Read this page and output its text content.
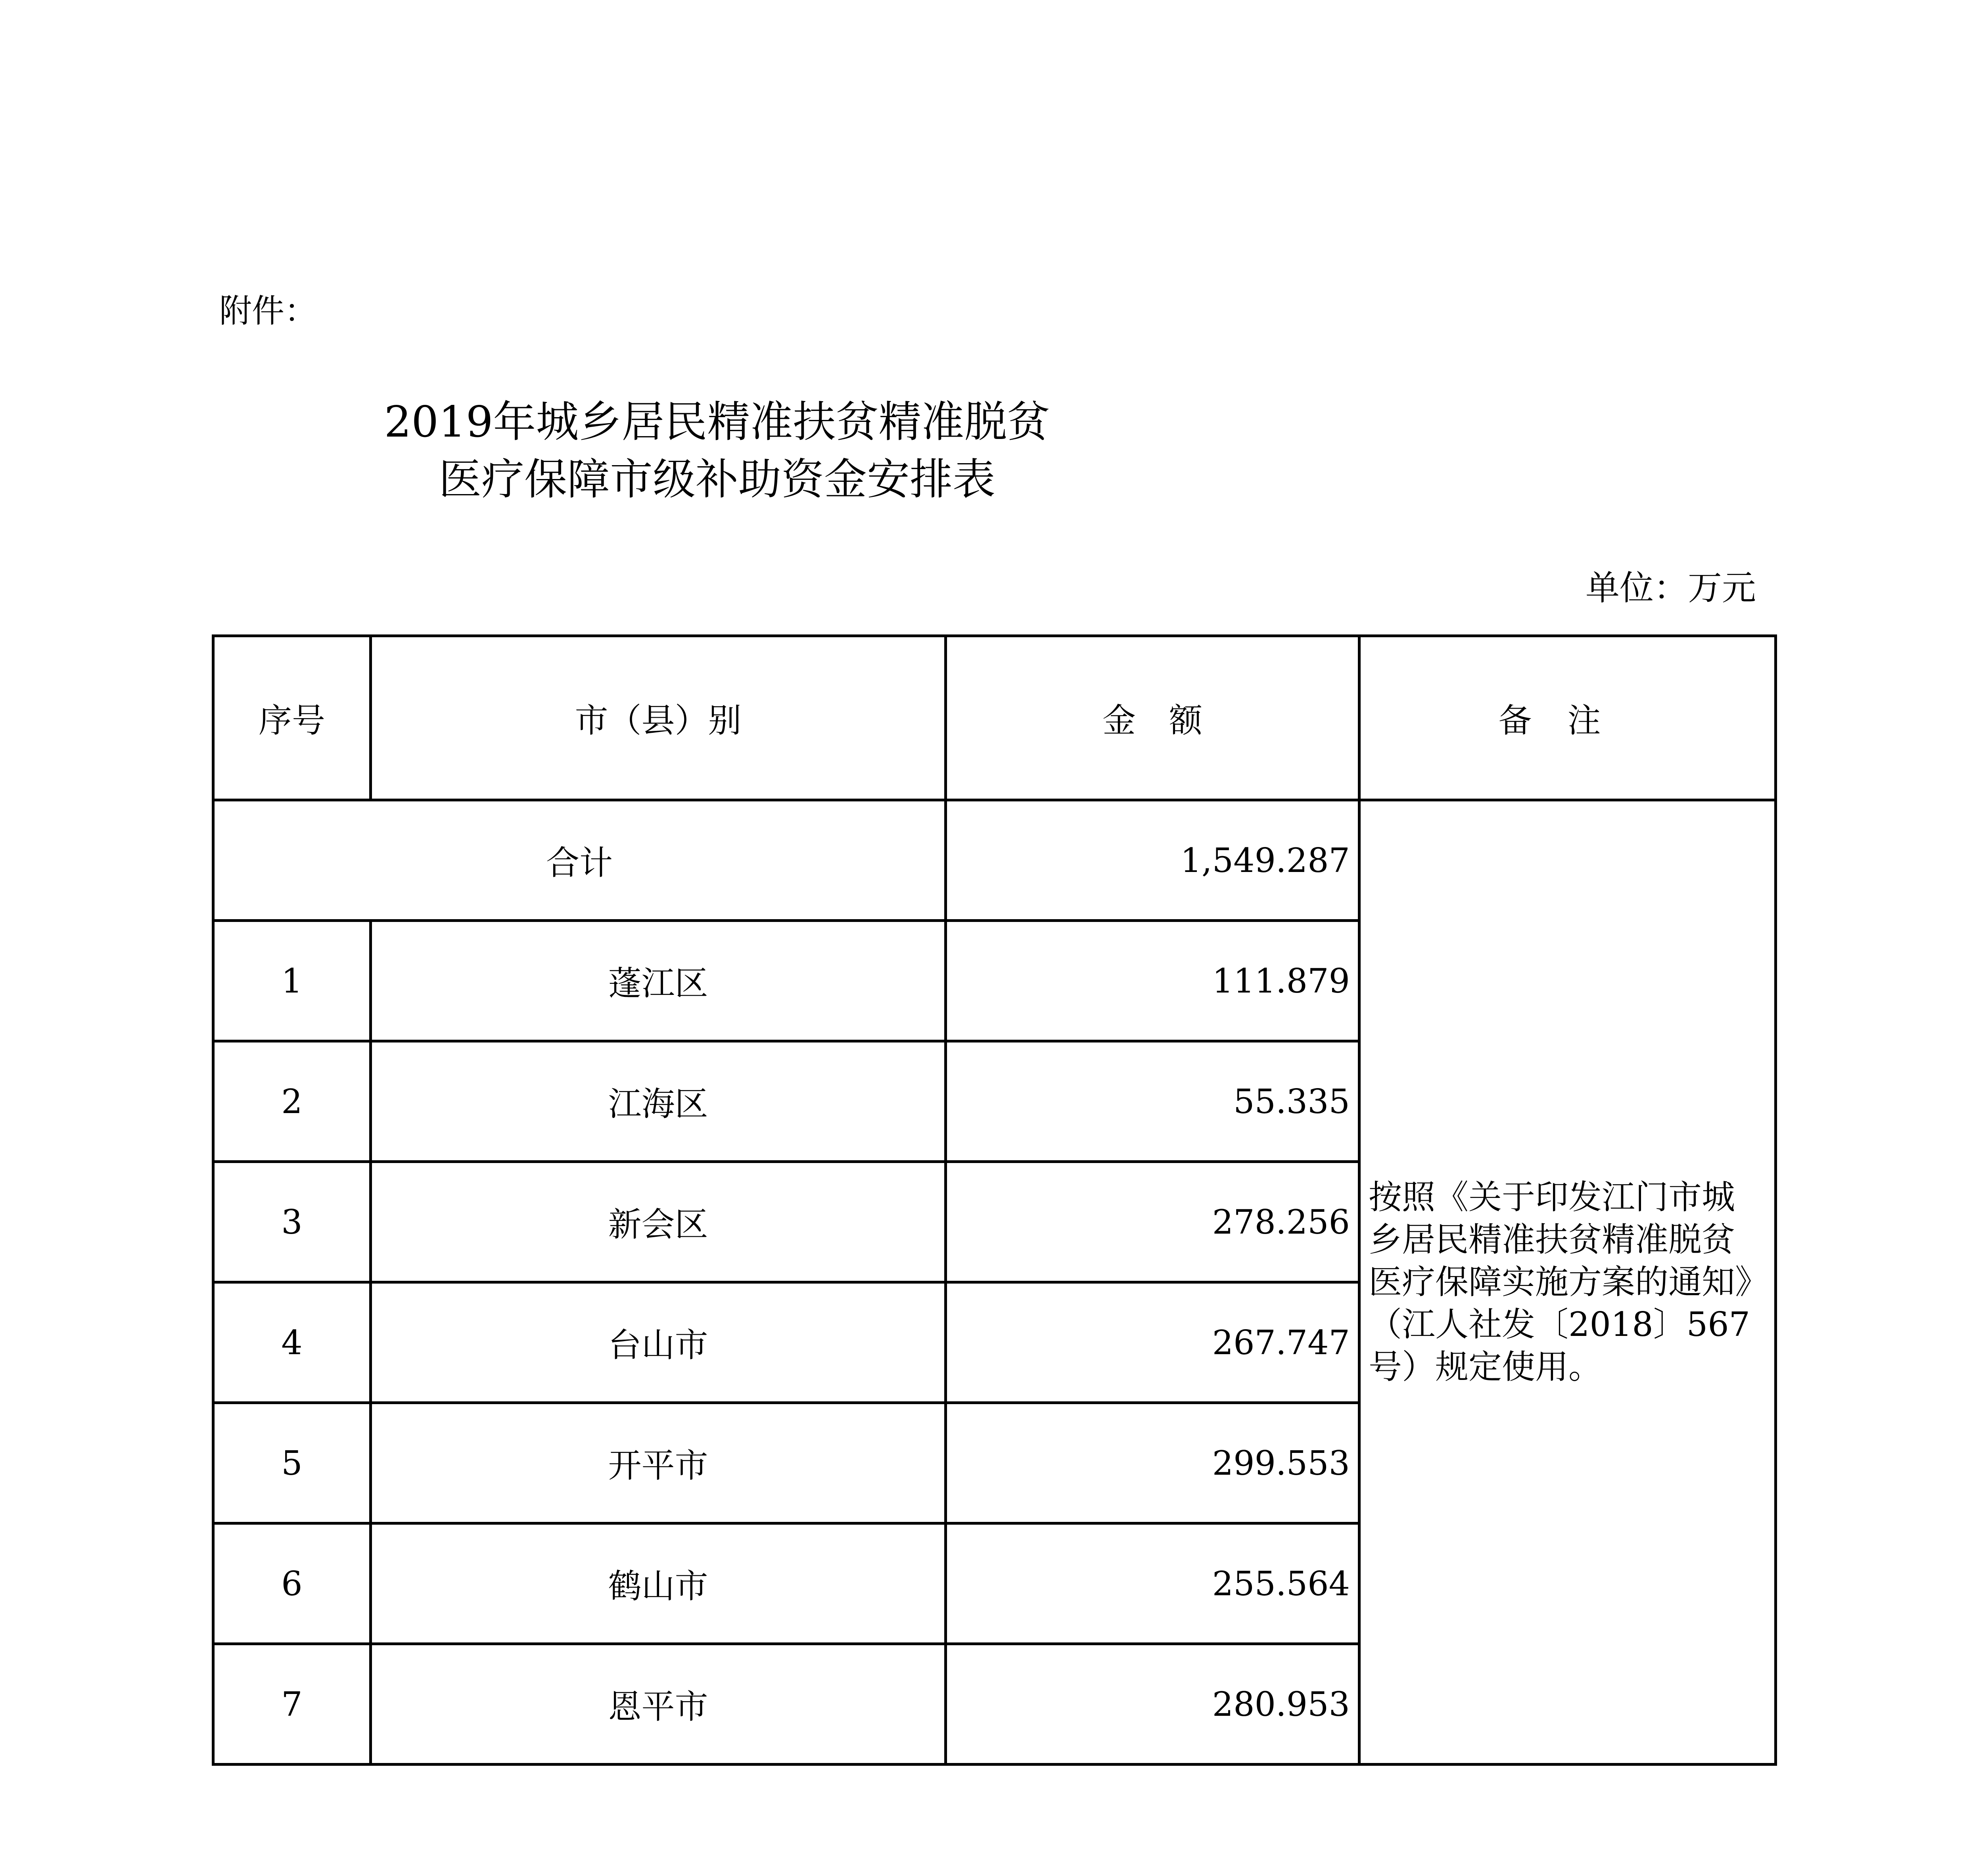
附件：
2019年城乡居民精准扶贫精准脱贫
医疗保障市级补助资金安排表
单位：万元
序号	市（县）别	金　额	备注
合计		1,549.287	按照《关于印发江门市城乡居民精准扶贫精准脱贫医疗保障实施方案的通知》（江人社发〔2018〕567号）规定使用。
1	蓬江区	111.879	
2	江海区	55.335	
3	新会区	278.256	
4	台山市	267.747	
5	开平市	299.553	
6	鹤山市	255.564	
7	恩平市	280.953	
